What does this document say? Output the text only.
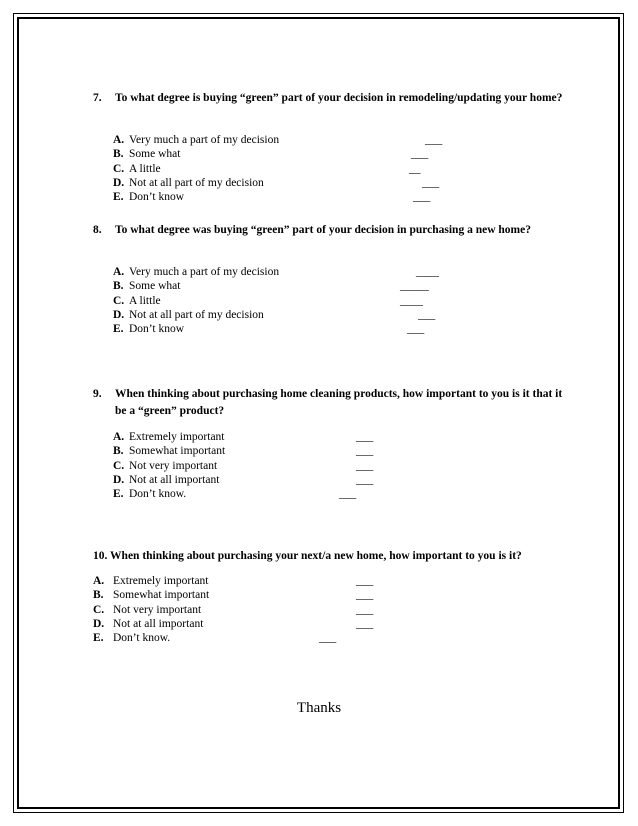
7. To what degree is buying “green” part of your decision in remodeling/updating your home?
A. Very much a part of my decision	___
B. Some what	___
C. A little	__
D. Not at all part of my decision	___
E. Don’t know	___
8. To what degree was buying “green” part of your decision in purchasing a new home?
A. Very much a part of my decision	____
B. Some what	_____
C. A little	____
D. Not at all part of my decision	___
E. Don’t know	___
9. When thinking about purchasing home cleaning products, how important to you is it that it be a “green” product?
A. Extremely important	___
B. Somewhat important	___
C. Not very important	___
D. Not at all important	___
E. Don’t know.	___
10. When thinking about purchasing your next/a new home, how important to you is it?
A. Extremely important	___
B. Somewhat important	___
C. Not very important	___
D. Not at all important	___
E. Don’t know.	___
Thanks
